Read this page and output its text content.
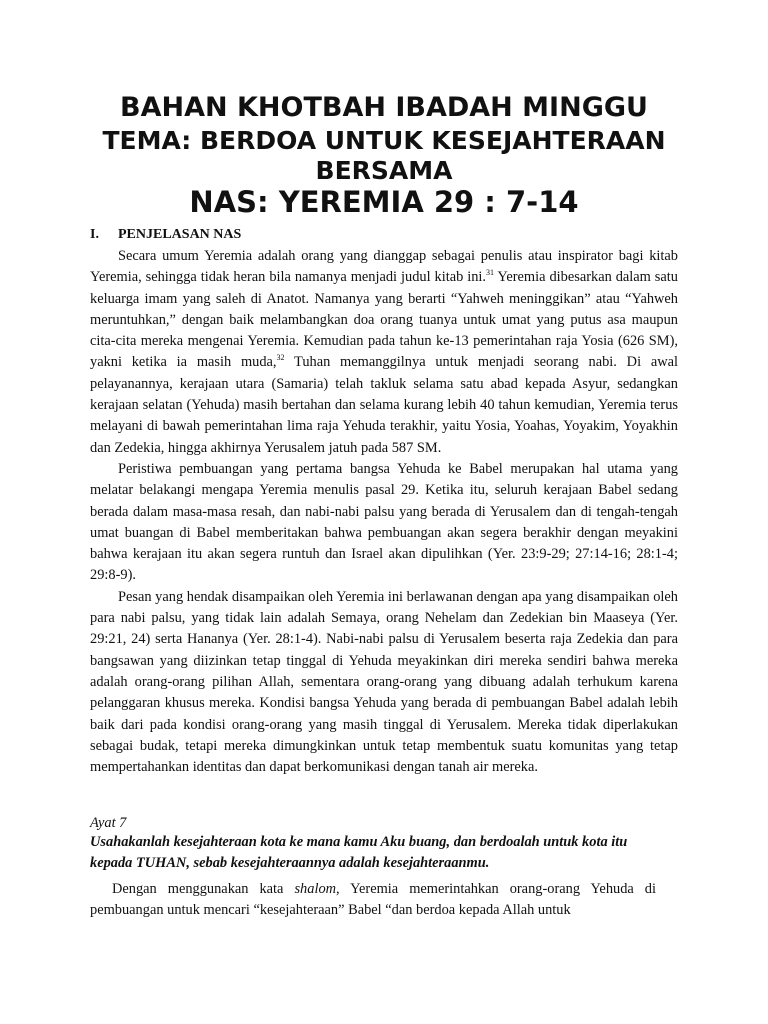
BAHAN KHOTBAH IBADAH MINGGU
TEMA: BERDOA UNTUK KESEJAHTERAAN
BERSAMA
NAS: YEREMIA 29 : 7-14
I. PENJELASAN NAS

Secara umum Yeremia adalah orang yang dianggap sebagai penulis atau inspirator bagi kitab Yeremia, sehingga tidak heran bila namanya menjadi judul kitab ini.$^{31}$ Yeremia dibesarkan dalam satu keluarga imam yang saleh di Anatot. Namanya yang berarti “Yahweh meninggikan” atau “Yahweh meruntuhkan,” dengan baik melambangkan doa orang tuanya untuk umat yang putus asa maupun cita-cita mereka mengenai Yeremia. Kemudian pada tahun ke-13 pemerintahan raja Yosia (626 SM), yakni ketika ia masih muda,$^{32}$ Tuhan memanggilnya untuk menjadi seorang nabi. Di awal pelayanannya, kerajaan utara (Samaria) telah takluk selama satu abad kepada Asyur, sedangkan kerajaan selatan (Yehuda) masih bertahan dan selama kurang lebih 40 tahun kemudian, Yeremia terus melayani di bawah pemerintahan lima raja Yehuda terakhir, yaitu Yosia, Yoahas, Yoyakim, Yoyakhin dan Zedekia, hingga akhirnya Yerusalem jatuh pada 587 SM.

Peristiwa pembuangan yang pertama bangsa Yehuda ke Babel merupakan hal utama yang melatar belakangi mengapa Yeremia menulis pasal 29. Ketika itu, seluruh kerajaan Babel sedang berada dalam masa-masa resah, dan nabi-nabi palsu yang berada di Yerusalem dan di tengah-tengah umat buangan di Babel memberitakan bahwa pembuangan akan segera berakhir dengan meyakini bahwa kerajaan itu akan segera runtuh dan Israel akan dipulihkan (Yer. 23:9-29; 27:14-16; 28:1-4; 29:8-9).

Pesan yang hendak disampaikan oleh Yeremia ini berlawanan dengan apa yang disampaikan oleh para nabi palsu, yang tidak lain adalah Semaya, orang Nehelam dan Zedekian bin Maaseya (Yer. 29:21, 24) serta Hananya (Yer. 28:1-4). Nabi-nabi palsu di Yerusalem beserta raja Zedekia dan para bangsawan yang diizinkan tetap tinggal di Yehuda meyakinkan diri mereka sendiri bahwa mereka adalah orang-orang pilihan Allah, sementara orang-orang yang dibuang adalah terhukum karena pelanggaran khusus mereka. Kondisi bangsa Yehuda yang berada di pembuangan Babel adalah lebih baik dari pada kondisi orang-orang yang masih tinggal di Yerusalem. Mereka tidak diperlakukan sebagai budak, tetapi mereka dimungkinkan untuk tetap membentuk suatu komunitas yang tetap mempertahankan identitas dan dapat berkomunikasi dengan tanah air mereka.

Ayat 7
Usahakanlah kesejahteraan kota ke mana kamu Aku buang, dan berdoalah untuk kota itu kepada TUHAN, sebab kesejahteraannya adalah kesejahteraanmu.

Dengan menggunakan kata shalom, Yeremia memerintahkan orang-orang Yehuda di pembuangan untuk mencari “kesejahteraan” Babel “dan berdoa kepada Allah untuk
